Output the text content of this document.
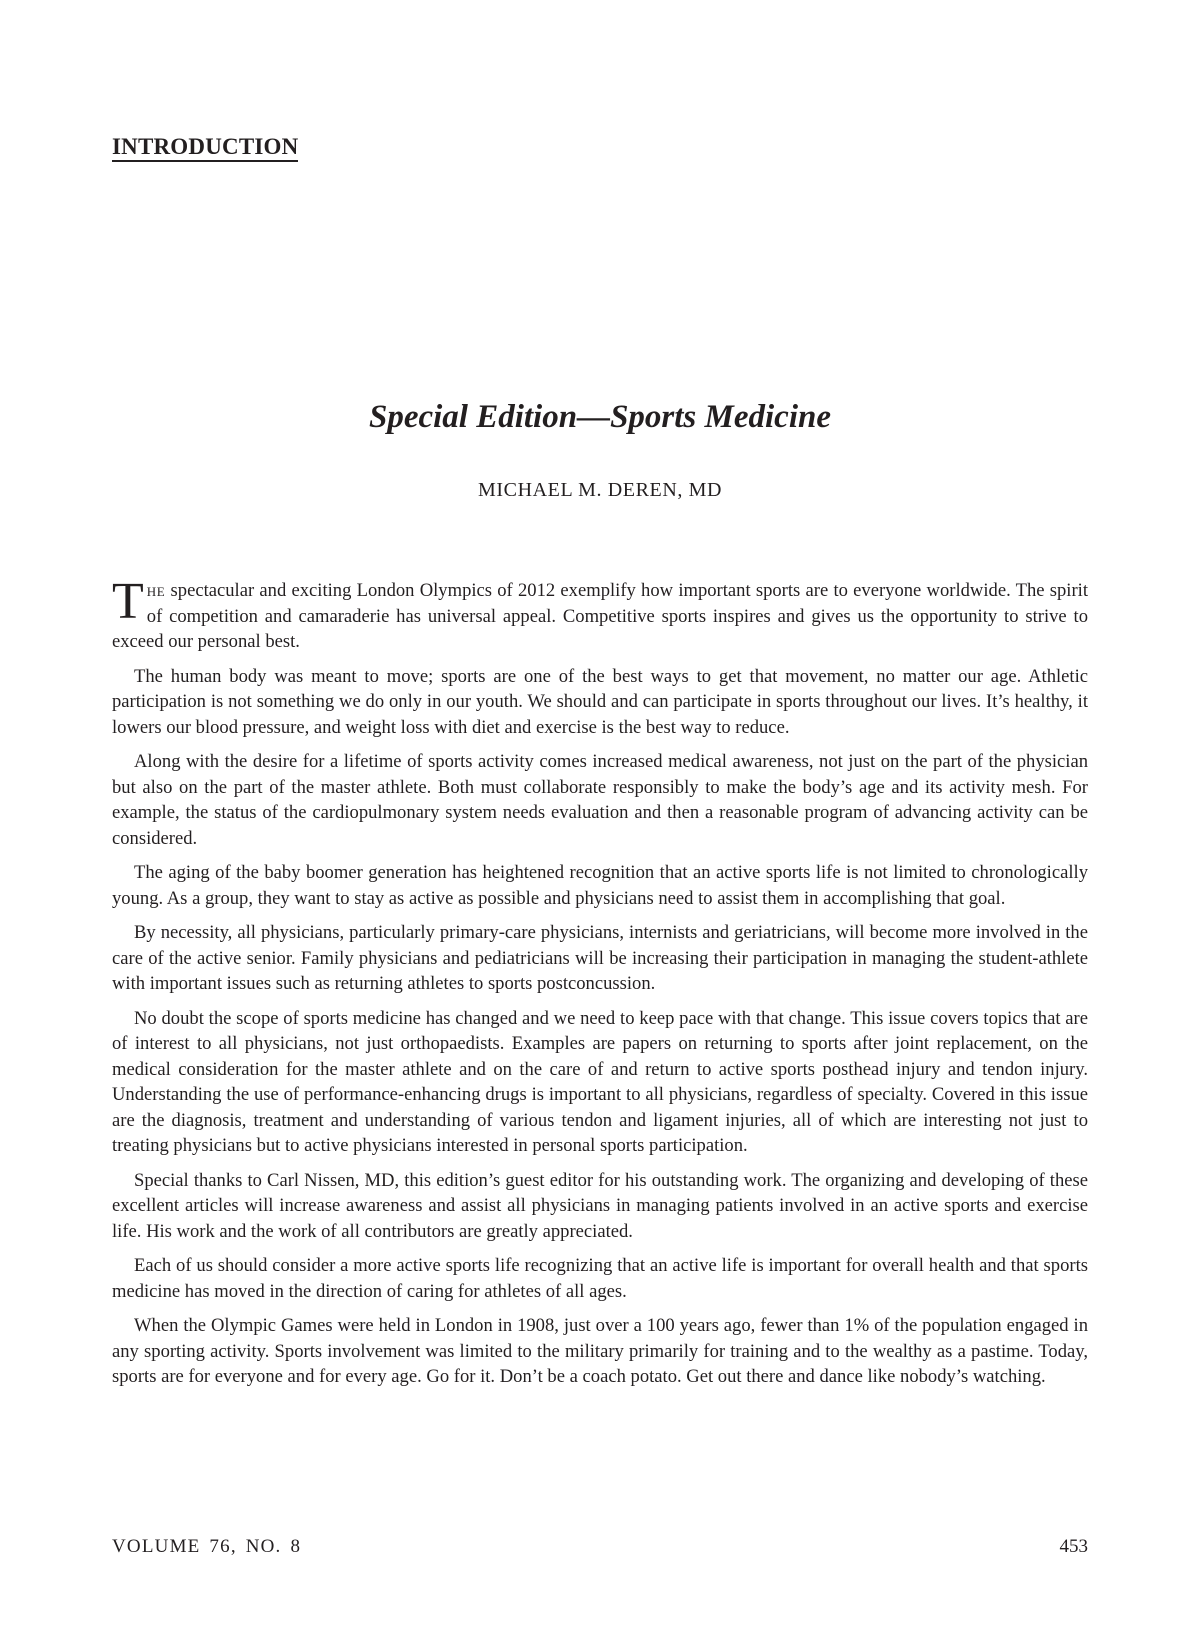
INTRODUCTION
Special Edition—Sports Medicine
MICHAEL M. DEREN, MD

The spectacular and exciting London Olympics of 2012 exemplify how important sports are to everyone worldwide. The spirit of competition and camaraderie has universal appeal. Competitive sports inspires and gives us the opportunity to strive to exceed our personal best.

The human body was meant to move; sports are one of the best ways to get that movement, no matter our age. Athletic participation is not something we do only in our youth. We should and can participate in sports throughout our lives. It’s healthy, it lowers our blood pressure, and weight loss with diet and exercise is the best way to reduce.

Along with the desire for a lifetime of sports activity comes increased medical awareness, not just on the part of the physician but also on the part of the master athlete. Both must collaborate responsibly to make the body’s age and its activity mesh. For example, the status of the cardiopulmonary system needs evaluation and then a reasonable program of advancing activity can be considered.

The aging of the baby boomer generation has heightened recognition that an active sports life is not limited to chronologically young. As a group, they want to stay as active as possible and physicians need to assist them in accomplishing that goal.

By necessity, all physicians, particularly primary-care physicians, internists and geriatricians, will become more involved in the care of the active senior. Family physicians and pediatricians will be increasing their participation in managing the student-athlete with important issues such as returning athletes to sports postconcussion.

No doubt the scope of sports medicine has changed and we need to keep pace with that change. This issue covers topics that are of interest to all physicians, not just orthopaedists. Examples are papers on returning to sports after joint replacement, on the medical consideration for the master athlete and on the care of and return to active sports posthead injury and tendon injury. Understanding the use of performance-enhancing drugs is important to all physicians, regardless of specialty. Covered in this issue are the diagnosis, treatment and understanding of various tendon and ligament injuries, all of which are interesting not just to treating physicians but to active physicians interested in personal sports participation.

Special thanks to Carl Nissen, MD, this edition’s guest editor for his outstanding work. The organizing and developing of these excellent articles will increase awareness and assist all physicians in managing patients involved in an active sports and exercise life. His work and the work of all contributors are greatly appreciated.

Each of us should consider a more active sports life recognizing that an active life is important for overall health and that sports medicine has moved in the direction of caring for athletes of all ages.

When the Olympic Games were held in London in 1908, just over a 100 years ago, fewer than 1% of the population engaged in any sporting activity. Sports involvement was limited to the military primarily for training and to the wealthy as a pastime. Today, sports are for everyone and for every age. Go for it. Don’t be a coach potato. Get out there and dance like nobody’s watching.

VOLUME 76, NO. 8	453
